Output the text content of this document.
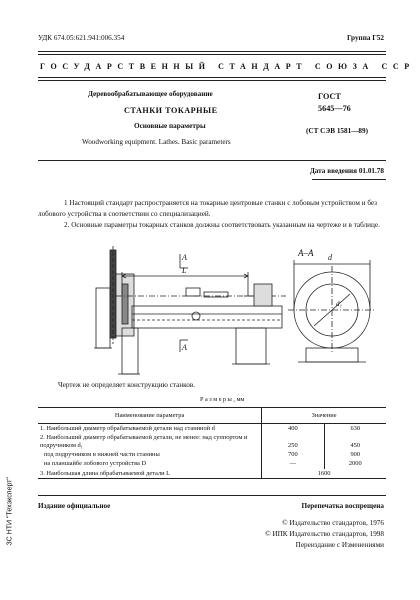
УДК 674.05:621.941:006.354	Группа Г52
ГОСУДАРСТВЕННЫЙ СТАНДАРТ СОЮЗА ССР
Деревообрабатывающее оборудование
СТАНКИ ТОКАРНЫЕ
Основные параметры
Woodworking equipment. Lathes. Basic parameters
ГОСТ
5645—76
(СТ СЭВ 1581—89)
Дата введения 01.01.78
1 Настоящий стандарт распространяется на токарные центровые станки с лобовым устройством и без лобового устройства в соответствии со специализацией.
2. Основные параметры токарных станков должны соответствовать указанным на чертеже и в таблице.
А–А
А
А
d
d₁
L
Чертеж не определяет конструкцию станков.
Р а з м е р ы , мм
Наименование параметра	Значение	
1. Наибольший диаметр обрабатываемой детали над станиной d	400	630
2. Наибольший диаметр обрабатываемой детали, не менее: над суппортом и подручником d₁	250	450
под подручником в нижней части станины	700	900
на планшайбе лобового устройства D	—	2000
3. Наибольшая длина обрабатываемой детали L	1600	
Издание официальное	Перепечатка воспрещена
© Издательство стандартов, 1976
© ИПК Издательство стандартов, 1998
Переиздание с Изменениями
ЗС НТИ "Техэксперт"
